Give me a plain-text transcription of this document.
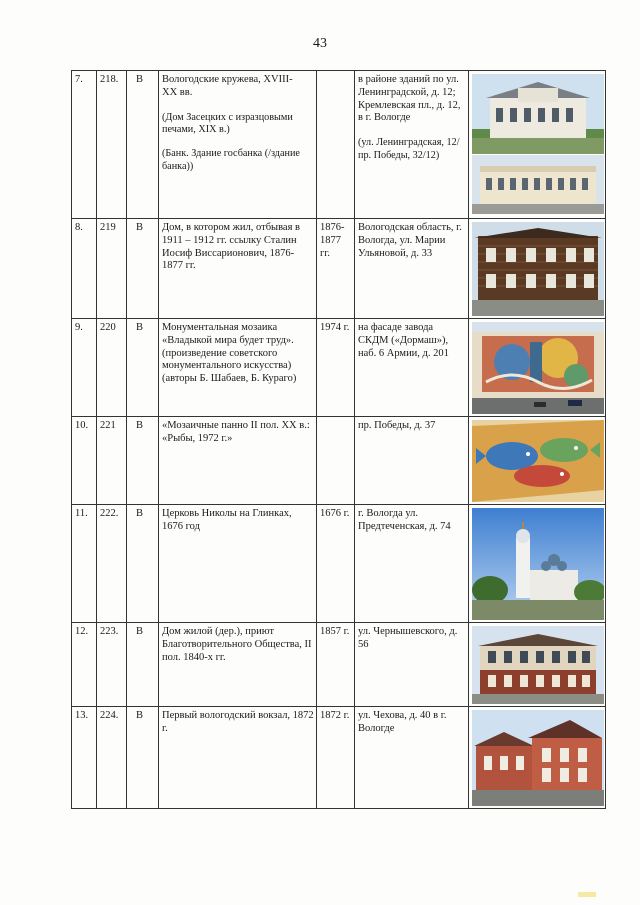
43
7.	218.	В	Вологодские кружева, XVIII-
XX вв.
(Дом Засецких с изразцовыми печами, XIX в.)
(Банк. Здание госбанка (/здание банка))		в районе зданий по ул. Ленинградской, д. 12; Кремлевская пл., д. 12, в г. Вологде
(ул. Ленинградская, 12/пр. Победы, 32/12)

8.	219	В	Дом, в котором жил, отбывая в 1911 – 1912 гг. ссылку Сталин Иосиф Виссарионович, 1876-1877 гг.	1876-1877 гг.	Вологодская область, г. Вологда, ул. Марии Ульяновой, д. 33	

9.	220	В	Монументальная мозаика «Владыкой мира будет труд». (произведение советского монументального искусства) (авторы Б. Шабаев, Б. Кураго)	1974 г.	на фасаде завода СКДМ («Дормаш»), наб. 6 Армии, д. 201	

10.	221	В	«Мозаичные панно II пол. XX в.: «Рыбы, 1972 г.»		пр. Победы, д. 37	

11.	222.	В	Церковь Николы на Глинках, 1676 год	1676 г.	г. Вологда ул. Предтеченская, д. 74	

12.	223.	В	Дом жилой (дер.), приют Благотворительного Общества, II пол. 1840-х гг.	1857 г.	ул. Чернышевского, д. 56	

13.	224.	В	Первый вологодский вокзал, 1872 г.	1872 г.	ул. Чехова, д. 40 в г. Вологде	
